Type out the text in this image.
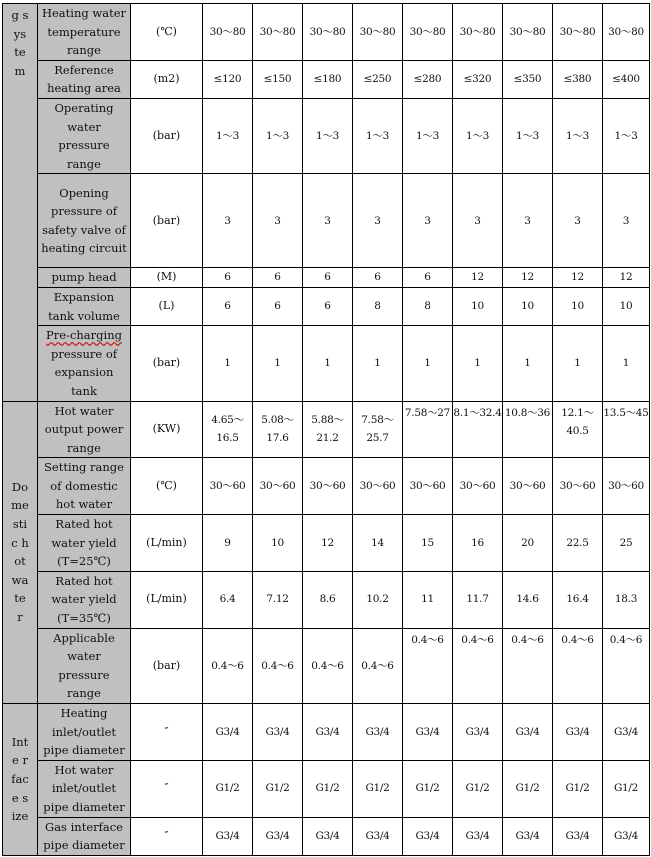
g sys tem	Heating water temperature range	(℃)	30～80	30～80	30～80	30～80	30～80	30～80	30～80	30～80	30～80
	Reference heating area	(m2)	≤120	≤150	≤180	≤250	≤280	≤320	≤350	≤380	≤400
	Operating water pressure range	(bar)	1～3	1～3	1～3	1～3	1～3	1～3	1～3	1～3	1～3
	Opening pressure of safety valve of heating circuit	(bar)	3	3	3	3	3	3	3	3	3
	pump head	(M)	6	6	6	6	6	12	12	12	12
	Expansion tank volume	(L)	6	6	6	8	8	10	10	10	10
	Pre-charging pressure of expansion tank	(bar)	1	1	1	1	1	1	1	1	1

Dome stic hot wate r	Hot water output power range	(KW)	4.65～16.5	5.08～17.6	5.88～21.2	7.58～25.7	7.58～27	8.1～32.4	10.8～36	12.1～40.5	13.5～45
	Setting range of domestic hot water	(℃)	30～60	30～60	30～60	30～60	30～60	30～60	30～60	30～60	30～60
	Rated hot water yield (T=25℃)	(L/min)	9	10	12	14	15	16	20	22.5	25
	Rated hot water yield (T=35℃)	(L/min)	6.4	7.12	8.6	10.2	11	11.7	14.6	16.4	18.3
	Applicable water pressure range	(bar)	0.4～6	0.4～6	0.4～6	0.4～6	0.4～6	0.4～6	0.4～6	0.4～6	0.4～6

Inte rfac e size	Heating inlet/outlet pipe diameter	″	G3/4	G3/4	G3/4	G3/4	G3/4	G3/4	G3/4	G3/4	G3/4
	Hot water inlet/outlet pipe diameter	″	G1/2	G1/2	G1/2	G1/2	G1/2	G1/2	G1/2	G1/2	G1/2
	Gas interface pipe diameter	″	G3/4	G3/4	G3/4	G3/4	G3/4	G3/4	G3/4	G3/4	G3/4
